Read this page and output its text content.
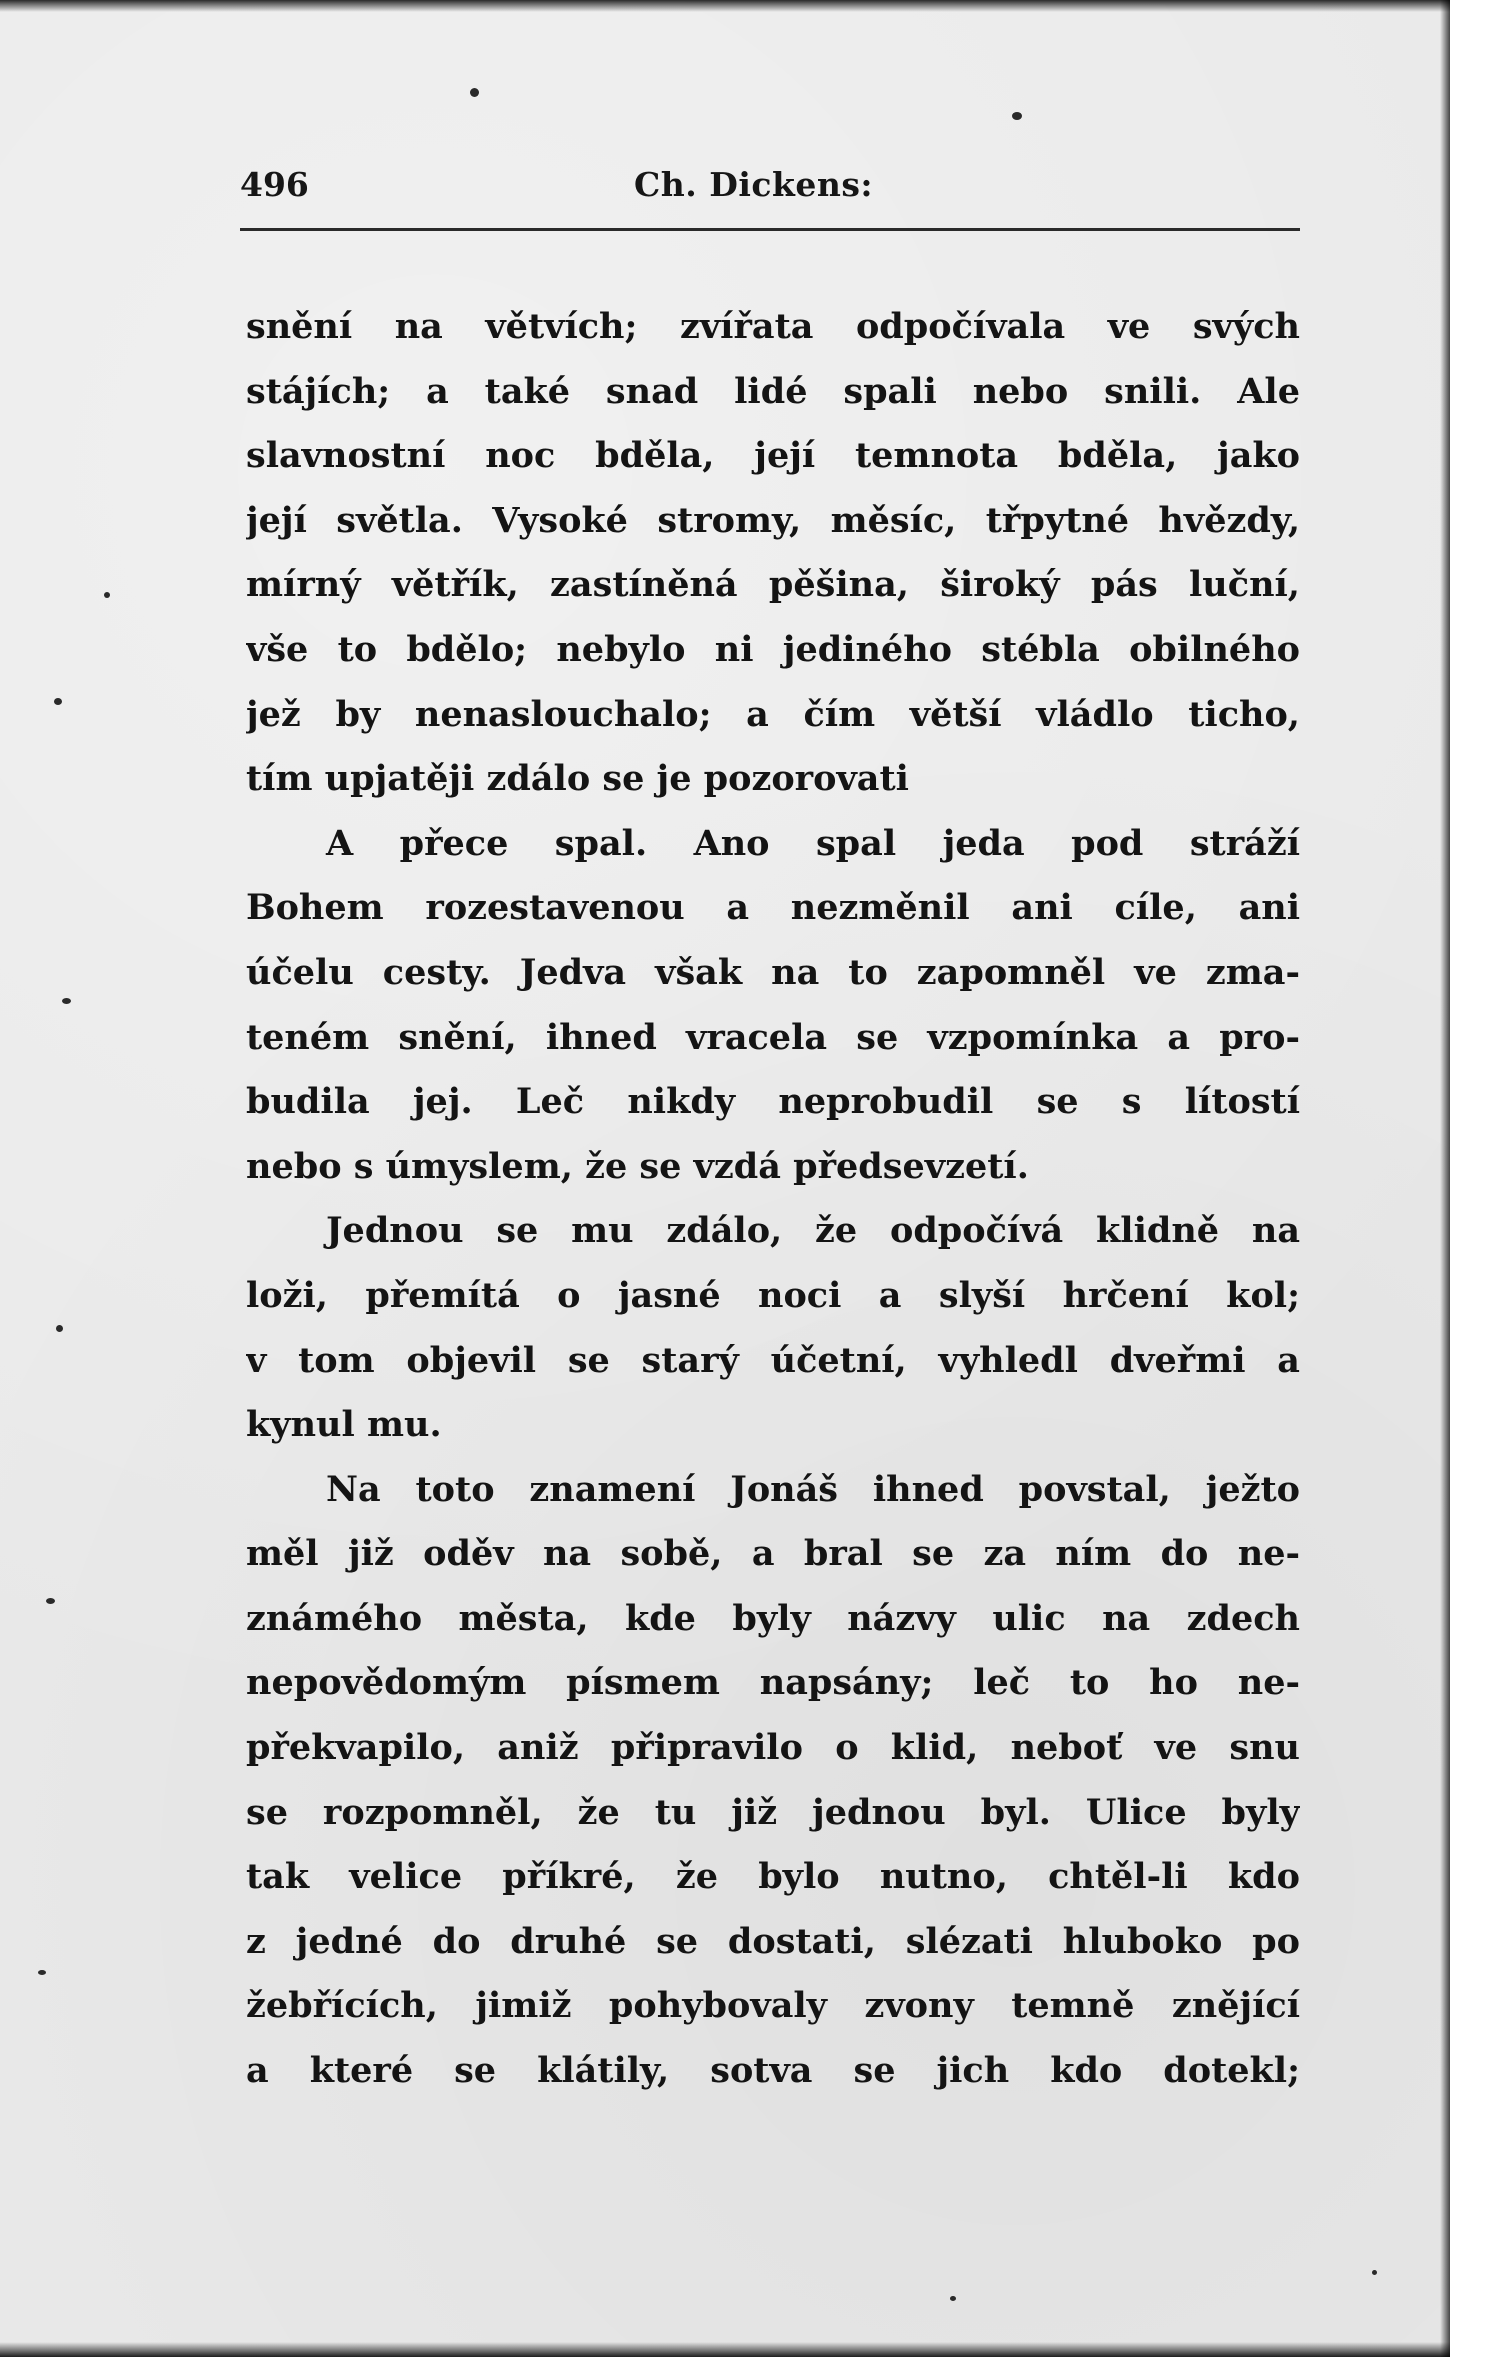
496	Ch. Dickens:
snění na větvích; zvířata odpočívala ve svých
stájích; a také snad lidé spali nebo snili. Ale
slavnostní noc bděla, její temnota bděla, jako
její světla. Vysoké stromy, měsíc, třpytné hvězdy,
mírný větřík, zastíněná pěšina, široký pás luční,
vše to bdělo; nebylo ni jediného stébla obilného
jež by nenaslouchalo; a čím větší vládlo ticho,
tím upjatěji zdálo se je pozorovati
A přece spal. Ano spal jeda pod stráží
Bohem rozestavenou a nezměnil ani cíle, ani
účelu cesty. Jedva však na to zapomněl ve zma-
teném snění, ihned vracela se vzpomínka a pro-
budila jej. Leč nikdy neprobudil se s lítostí
nebo s úmyslem, že se vzdá předsevzetí.
Jednou se mu zdálo, že odpočívá klidně na
loži, přemítá o jasné noci a slyší hrčení kol;
v tom objevil se starý účetní, vyhledl dveřmi a
kynul mu.
Na toto znamení Jonáš ihned povstal, ježto
měl již oděv na sobě, a bral se za ním do ne-
známého města, kde byly názvy ulic na zdech
nepovědomým písmem napsány; leč to ho ne-
překvapilo, aniž připravilo o klid, neboť ve snu
se rozpomněl, že tu již jednou byl. Ulice byly
tak velice příkré, že bylo nutno, chtěl-li kdo
z jedné do druhé se dostati, slézati hluboko po
žebřících, jimiž pohybovaly zvony temně znějící
a které se klátily, sotva se jich kdo dotekl;
